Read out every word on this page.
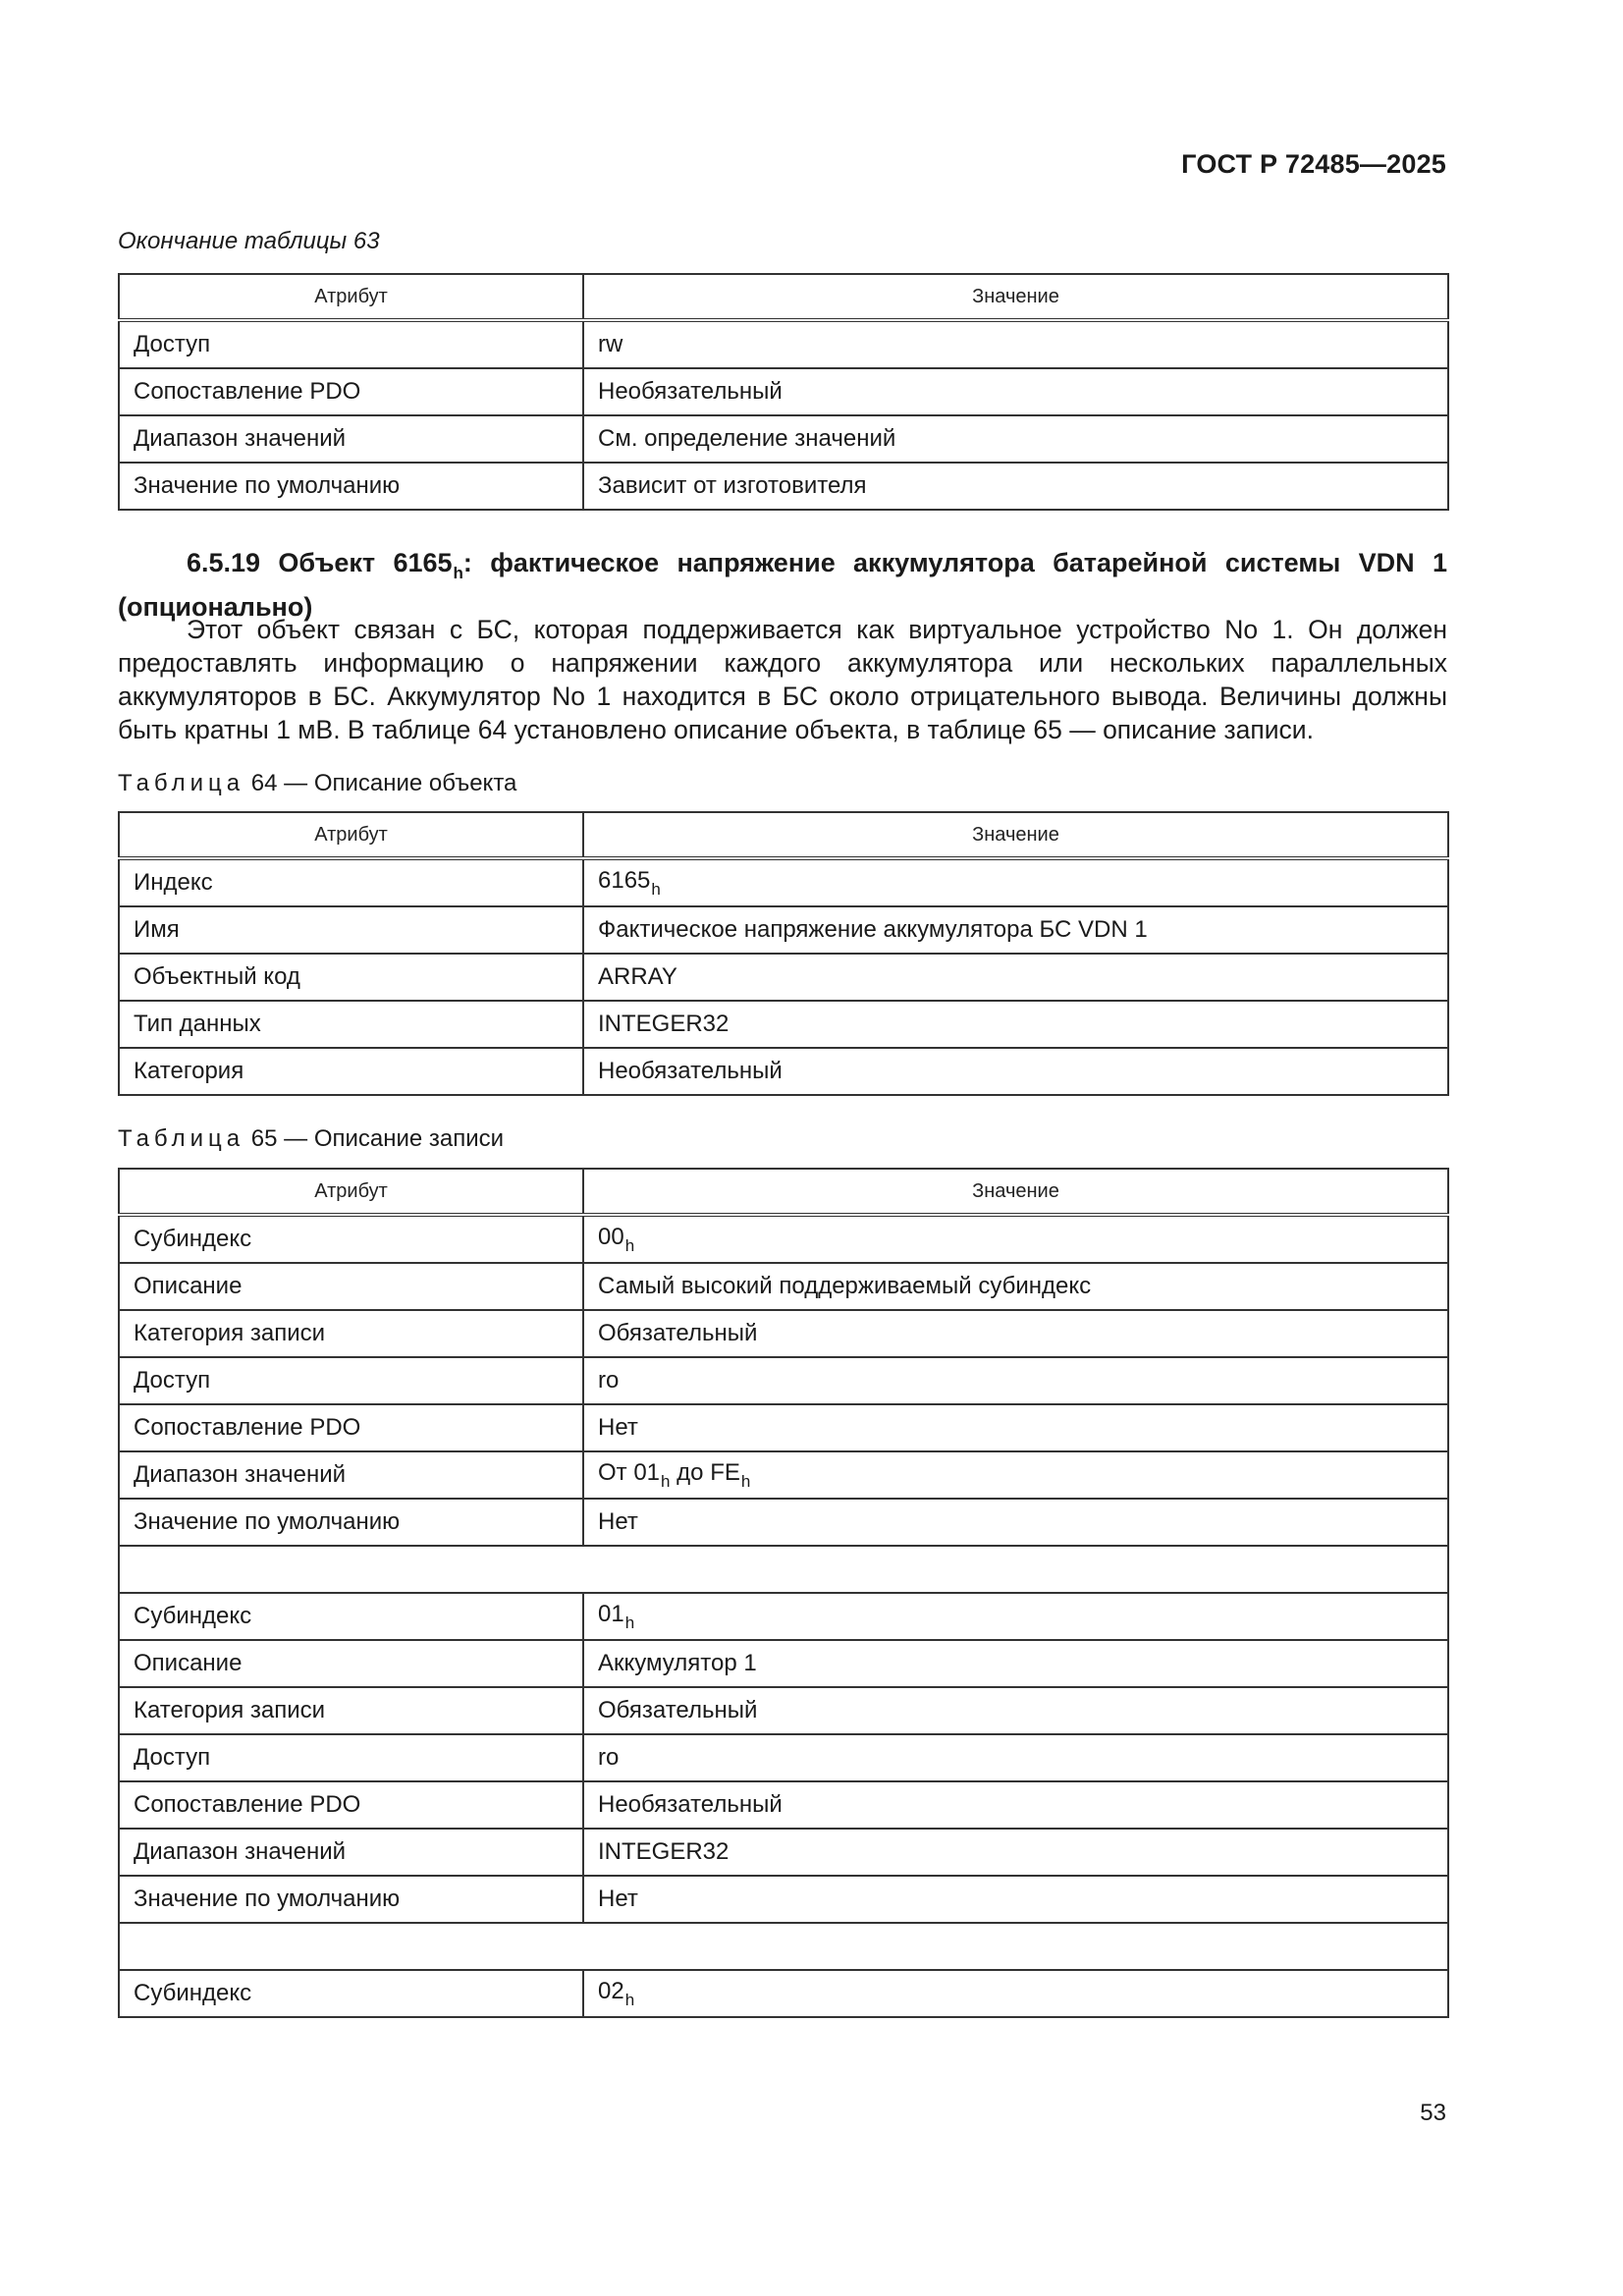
ГОСТ Р 72485—2025
Окончание таблицы 63
Атрибут	Значение
Доступ	rw
Сопоставление PDO	Необязательный
Диапазон значений	См. определение значений
Значение по умолчанию	Зависит от изготовителя
6.5.19 Объект $6165_h$: фактическое напряжение аккумулятора батарейной системы VDN 1 (опционально)
Этот объект связан с БС, которая поддерживается как виртуальное устройство No 1. Он должен предоставлять информацию о напряжении каждого аккумулятора или нескольких параллельных аккумуляторов в БС. Аккумулятор No 1 находится в БС около отрицательного вывода. Величины должны быть кратны 1 мВ. В таблице 64 установлено описание объекта, в таблице 65 — описание записи.
Таблица 64 — Описание объекта
Атрибут	Значение
Индекс	$6165_h$
Имя	Фактическое напряжение аккумулятора БС VDN 1
Объектный код	ARRAY
Тип данных	INTEGER32
Категория	Необязательный
Таблица 65 — Описание записи
Атрибут	Значение
Субиндекс	$00_h$
Описание	Самый высокий поддерживаемый субиндекс
Категория записи	Обязательный
Доступ	ro
Сопоставление PDO	Нет
Диапазон значений	От $01_h$ до $FE_h$
Значение по умолчанию	Нет

Субиндекс	$01_h$
Описание	Аккумулятор 1
Категория записи	Обязательный
Доступ	ro
Сопоставление PDO	Необязательный
Диапазон значений	INTEGER32
Значение по умолчанию	Нет

Субиндекс	$02_h$
53
